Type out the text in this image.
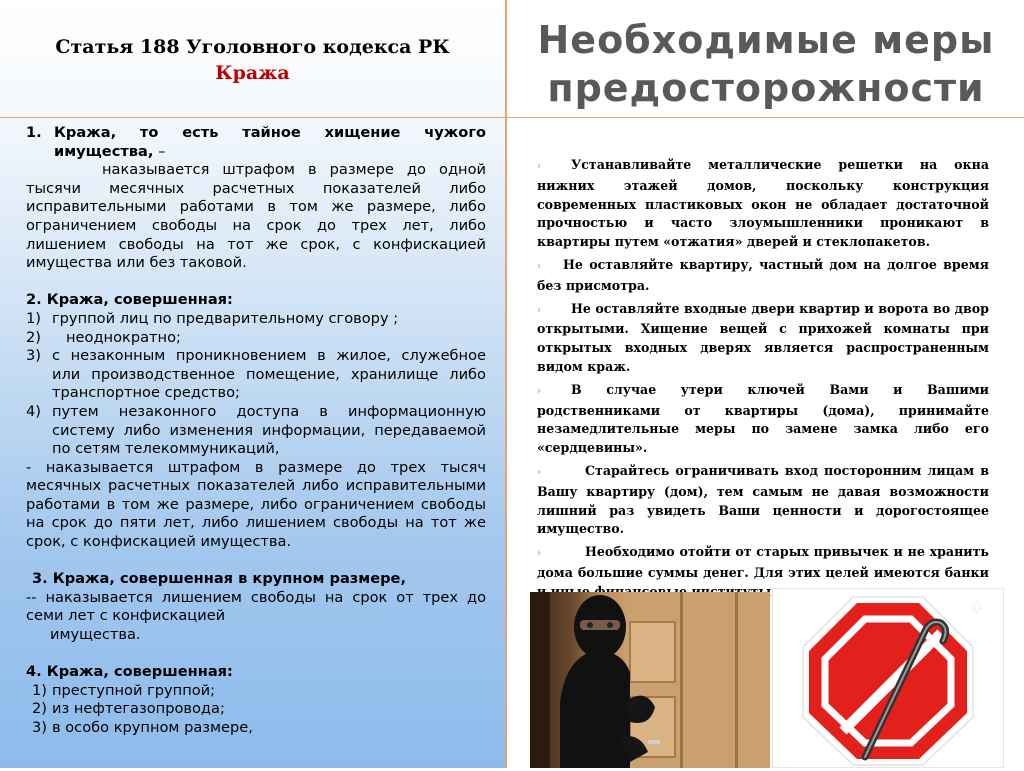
Статья 188 Уголовного кодекса РК
Кража
1. Кража, то есть тайное хищение чужого имущества, –

наказывается штрафом в размере до одной тысячи месячных расчетных показателей либо исправительными работами в том же размере, либо ограничением свободы на срок до трех лет, либо лишением свободы на тот же срок, с конфискацией имущества или без таковой.

2. Кража, совершенная:

1) группой лиц по предварительному сговору ;
2)	неоднократно;
3) с незаконным проникновением в жилое, служебное или производственное помещение, хранилище либо транспортное средство;
4) путем незаконного доступа в информационную систему либо изменения информации, передаваемой по сетям телекоммуникаций,

- наказывается штрафом в размере до трех тысяч месячных расчетных показателей либо исправительными работами в том же размере, либо ограничением свободы на срок до пяти лет, либо лишением свободы на тот же срок, с конфискацией имущества.

3. Кража, совершенная в крупном размере,

-- наказывается лишением свободы на срок от трех до семи лет с конфискацией

имущества.

4. Кража, совершенная:

1) преступной группой;
2) из нефтегазопровода;
3) в особо крупном размере,
Необходимые меры предосторожности
› Устанавливайте металлические решетки на окна нижних этажей домов, поскольку конструкция современных пластиковых окон не обладает достаточной прочностью и часто злоумышленники проникают в квартиры путем «отжатия» дверей и стеклопакетов.
› Не оставляйте квартиру, частный дом на долгое время без присмотра.
› Не оставляйте входные двери квартир и ворота во двор открытыми. Хищение вещей с прихожей комнаты при открытых входных дверях является распространенным видом краж.
› В случае утери ключей Вами и Вашими родственниками от квартиры (дома), принимайте незамедлительные меры по замене замка либо его «сердцевины».
›	Старайтесь ограничивать вход посторонним лицам в Вашу квартиру (дом), тем самым не давая возможности лишний раз увидеть Ваши ценности и дорогостоящее имущество.
›	Необходимо отойти от старых привычек и не хранить дома большие суммы денег. Для этих целей имеются банки
